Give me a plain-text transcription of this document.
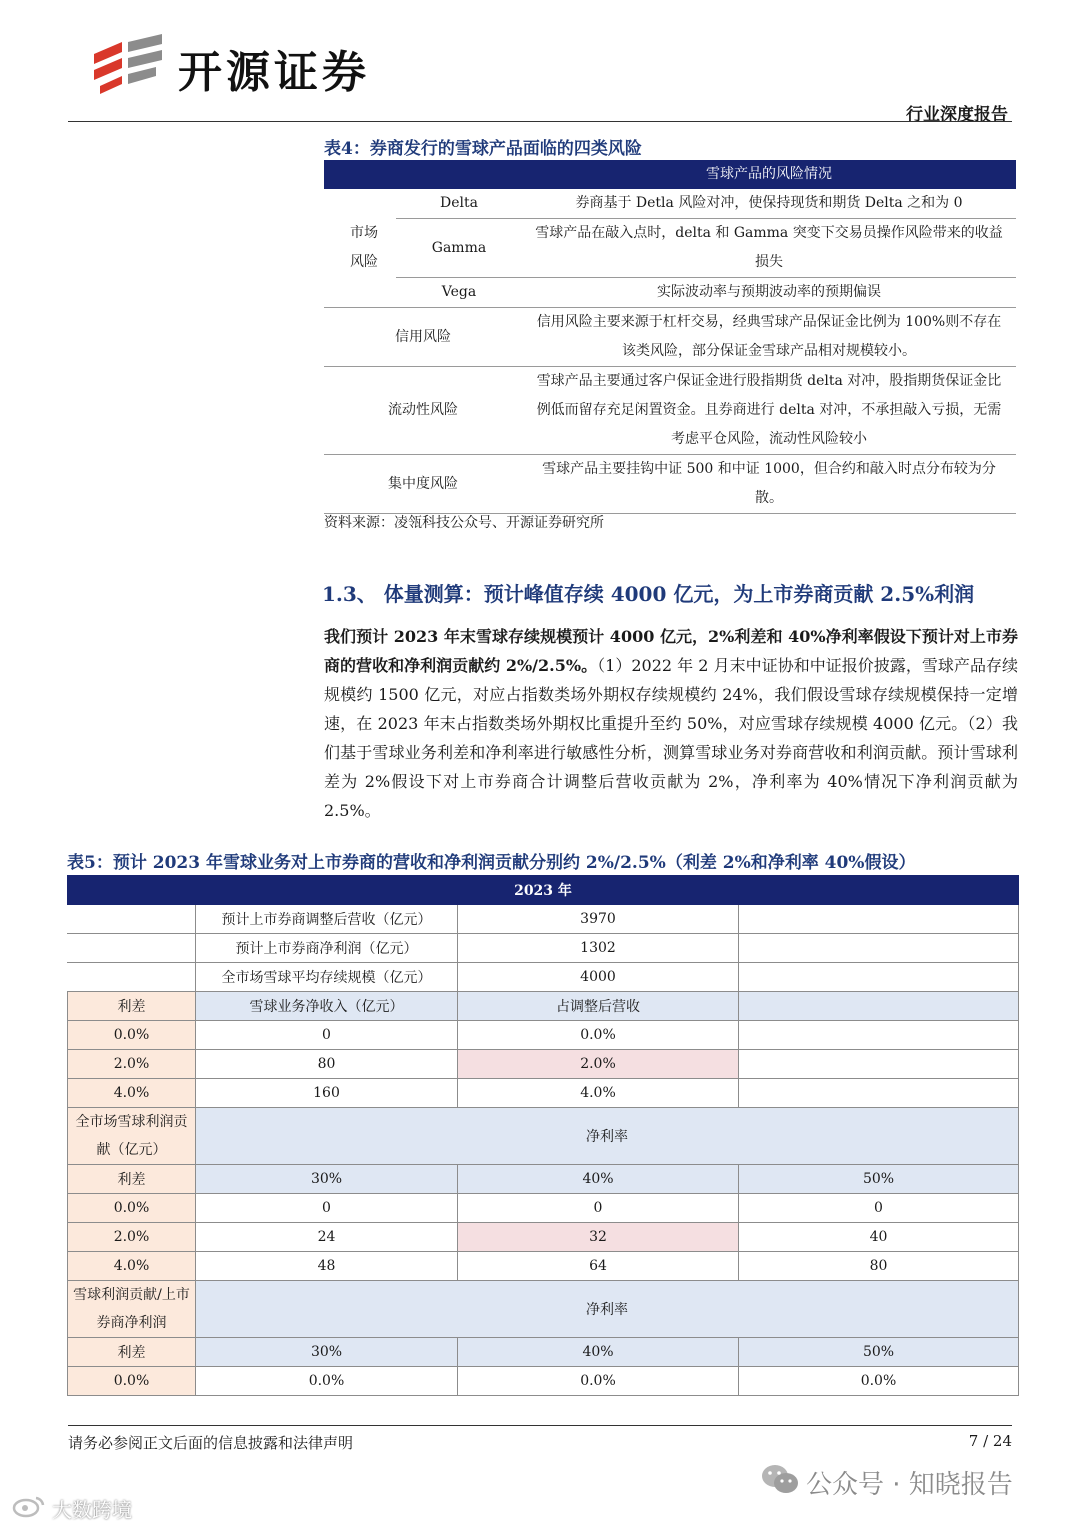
开源证券
行业深度报告
表4：券商发行的雪球产品面临的四类风险
		雪球产品的风险情况
市场风险	Delta	券商基于 Detla 风险对冲，使保持现货和期货 Delta 之和为 0
	Gamma	雪球产品在敲入点时，delta 和 Gamma 突变下交易员操作风险带来的收益损失
	Vega	实际波动率与预期波动率的预期偏误
信用风险		信用风险主要来源于杠杆交易，经典雪球产品保证金比例为 100%则不存在该类风险，部分保证金雪球产品相对规模较小。
流动性风险		雪球产品主要通过客户保证金进行股指期货 delta 对冲，股指期货保证金比例低而留存充足闲置资金。且券商进行 delta 对冲，不承担敲入亏损，无需考虑平仓风险，流动性风险较小
集中度风险		雪球产品主要挂钩中证 500 和中证 1000，但合约和敲入时点分布较为分散。
资料来源：凌瓴科技公众号、开源证券研究所
1.3、 体量测算：预计峰值存续 4000 亿元，为上市券商贡献 2.5%利润
我们预计 2023 年末雪球存续规模预计 4000 亿元，2%利差和 40%净利率假设下预计对上市券商的营收和净利润贡献约 2%/2.5%。（1）2022 年 2 月末中证协和中证报价披露，雪球产品存续规模约 1500 亿元，对应占指数类场外期权存续规模约 24%，我们假设雪球存续规模保持一定增速，在 2023 年末占指数类场外期权比重提升至约 50%，对应雪球存续规模 4000 亿元。（2）我们基于雪球业务利差和净利率进行敏感性分析，测算雪球业务对券商营收和利润贡献。预计雪球利差为 2%假设下对上市券商合计调整后营收贡献为 2%，净利率为 40%情况下净利润贡献为 2.5%。
表5：预计 2023 年雪球业务对上市券商的营收和净利润贡献分别约 2%/2.5%（利差 2%和净利率 40%假设）
2023 年			
	预计上市券商调整后营收（亿元）	3970	
	预计上市券商净利润（亿元）	1302	
	全市场雪球平均存续规模（亿元）	4000	
利差	雪球业务净收入（亿元）	占调整后营收	
0.0%	0	0.0%	
2.0%	80	2.0%	
4.0%	160	4.0%	
全市场雪球利润贡献（亿元）	净利率		
利差	30%	40%	50%
0.0%	0	0	0
2.0%	24	32	40
4.0%	48	64	80
雪球利润贡献/上市券商净利润	净利率		
利差	30%	40%	50%
0.0%	0.0%	0.0%	0.0%
请务必参阅正文后面的信息披露和法律声明	7 / 24
公众号 · 知晓报告
大数跨境
